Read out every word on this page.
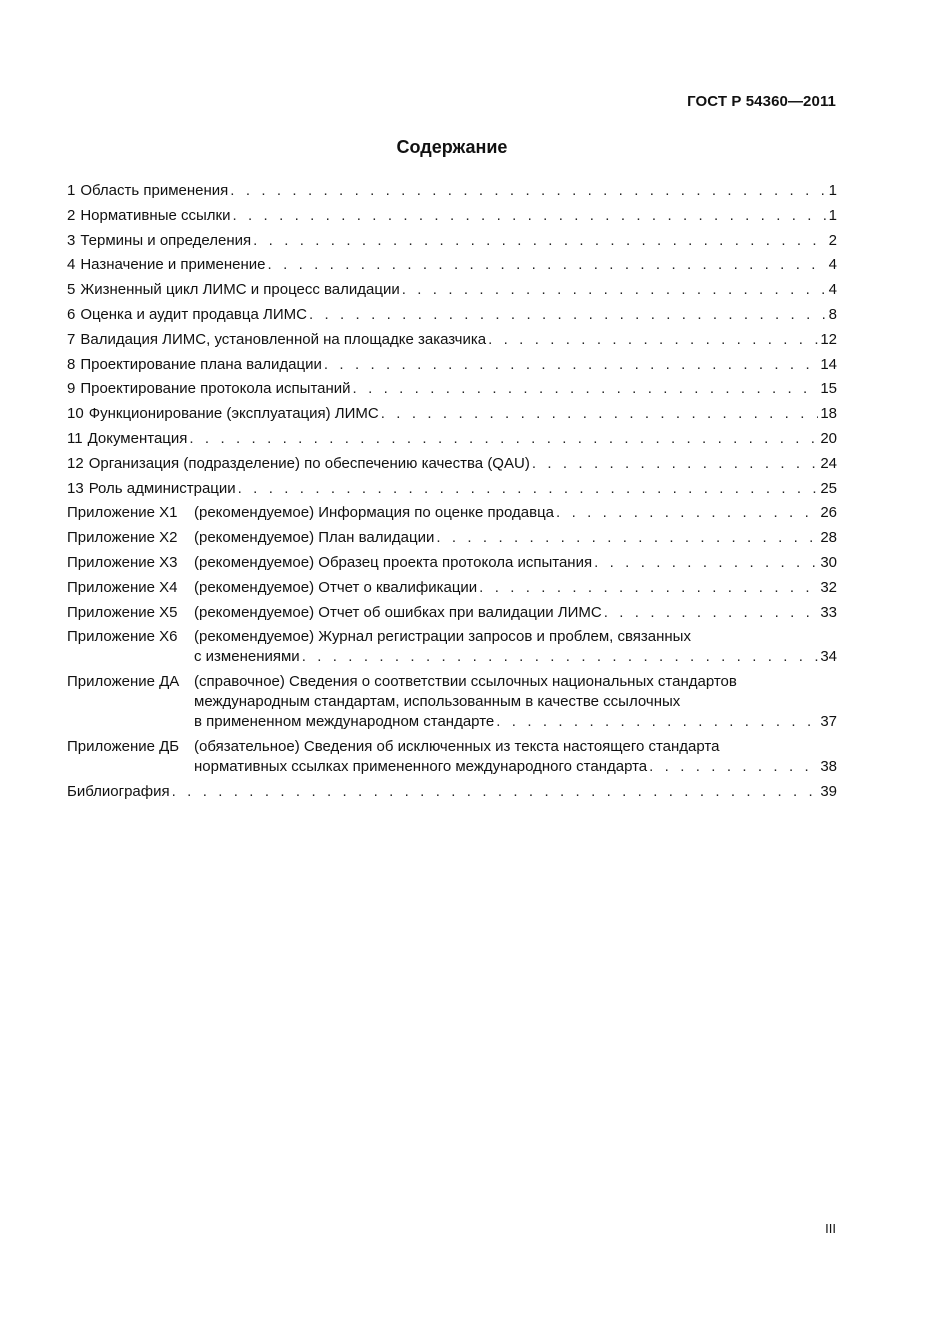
ГОСТ Р 54360—2011
Содержание
1 Область применения . . .	1
2 Нормативные ссылки . . .	1
3 Термины и определения . . .	2
4 Назначение и применение . . .	4
5 Жизненный цикл ЛИМС и процесс валидации . . .	4
6 Оценка и аудит продавца ЛИМС . . .	8
7 Валидация ЛИМС, установленной на площадке заказчика . . .	12
8 Проектирование плана валидации . . .	14
9 Проектирование протокола испытаний . . .	15
10 Функционирование (эксплуатация) ЛИМС . . .	18
11 Документация . . .	20
12 Организация (подразделение) по обеспечению качества (QAU) . . .	24
13 Роль администрации . . .	25
Приложение Х1	(рекомендуемое) Информация по оценке продавца . . .	26
Приложение Х2	(рекомендуемое) План валидации . . .	28
Приложение Х3	(рекомендуемое) Образец проекта протокола испытания . . .	30
Приложение Х4	(рекомендуемое) Отчет о квалификации . . .	32
Приложение Х5	(рекомендуемое) Отчет об ошибках при валидации ЛИМС . . .	33
Приложение Х6	(рекомендуемое) Журнал регистрации запросов и проблем, связанных
с изменениями . . .	34
Приложение ДА (справочное) Сведения о соответствии ссылочных национальных стандартов
международным стандартам, использованным в качестве ссылочных
в примененном международном стандарте . . .	37
Приложение ДБ (обязательное) Сведения об исключенных из текста настоящего стандарта
нормативных ссылках примененного международного стандарта . . .	38
Библиография . . .	39
III
